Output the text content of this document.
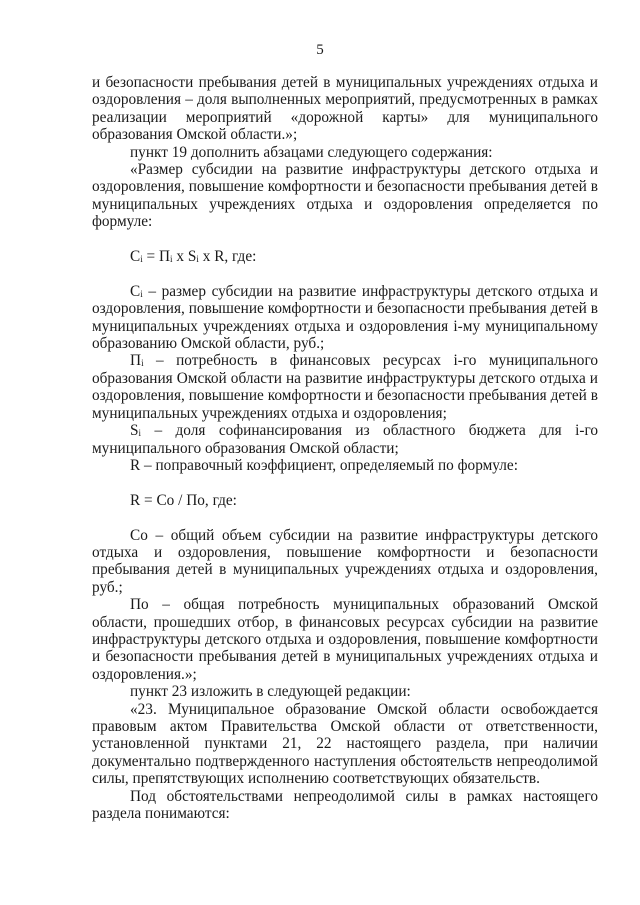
5

и безопасности пребывания детей в муниципальных учреждениях отдыха и оздоровления – доля выполненных мероприятий, предусмотренных в рамках реализации мероприятий «дорожной карты» для муниципального образования Омской области.»;

пункт 19 дополнить абзацами следующего содержания:

«Размер субсидии на развитие инфраструктуры детского отдыха и оздоровления, повышение комфортности и безопасности пребывания детей в муниципальных учреждениях отдыха и оздоровления определяется по формуле:

$C_i = П_i$ x $S_i$ x R, где:

$C_i$ – размер субсидии на развитие инфраструктуры детского отдыха и оздоровления, повышение комфортности и безопасности пребывания детей в муниципальных учреждениях отдыха и оздоровления i-му муниципальному образованию Омской области, руб.;

$П_i$ – потребность в финансовых ресурсах i-го муниципального образования Омской области на развитие инфраструктуры детского отдыха и оздоровления, повышение комфортности и безопасности пребывания детей в муниципальных учреждениях отдыха и оздоровления;

$S_i$ – доля софинансирования из областного бюджета для i-го муниципального образования Омской области;

R – поправочный коэффициент, определяемый по формуле:

R = Co / По, где:

Со – общий объем субсидии на развитие инфраструктуры детского отдыха и оздоровления, повышение комфортности и безопасности пребывания детей в муниципальных учреждениях отдыха и оздоровления, руб.;

По – общая потребность муниципальных образований Омской области, прошедших отбор, в финансовых ресурсах субсидии на развитие инфраструктуры детского отдыха и оздоровления, повышение комфортности и безопасности пребывания детей в муниципальных учреждениях отдыха и оздоровления.»;

пункт 23 изложить в следующей редакции:

«23. Муниципальное образование Омской области освобождается правовым актом Правительства Омской области от ответственности, установленной пунктами 21, 22 настоящего раздела, при наличии документально подтвержденного наступления обстоятельств непреодолимой силы, препятствующих исполнению соответствующих обязательств.

Под обстоятельствами непреодолимой силы в рамках настоящего раздела понимаются:
